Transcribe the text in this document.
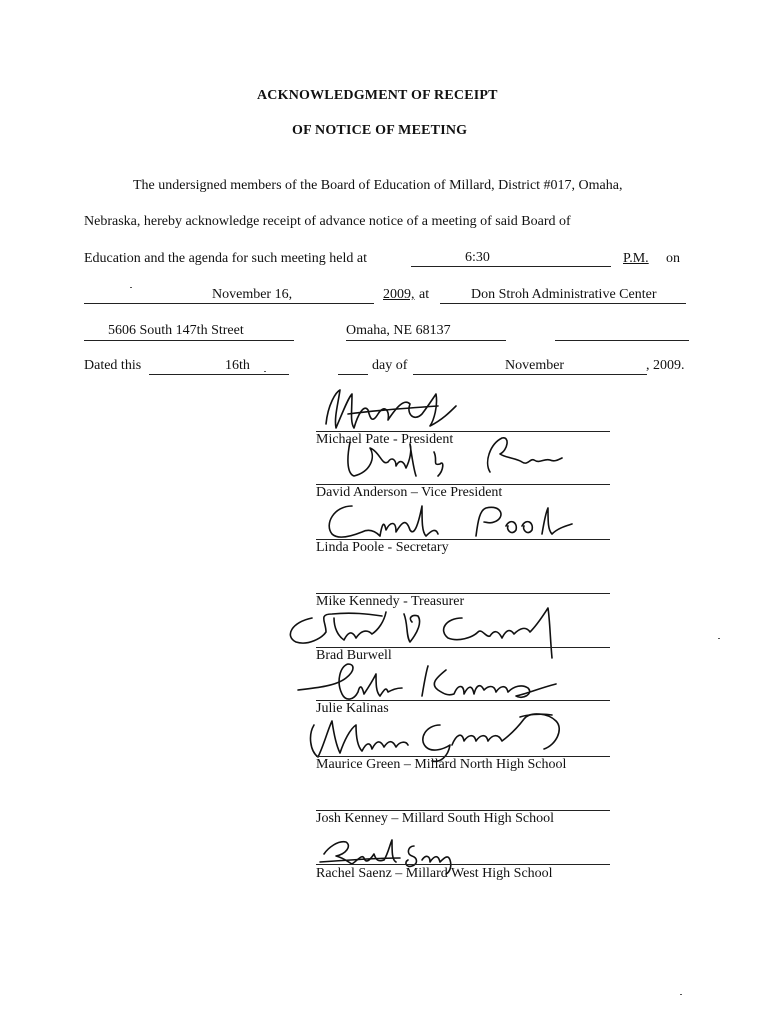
ACKNOWLEDGMENT OF RECEIPT
OF NOTICE OF MEETING
The undersigned members of the Board of Education of Millard, District #017, Omaha,
Nebraska, hereby acknowledge receipt of advance notice of a meeting of said Board of
Education and the agenda for such meeting held at	6:30	P.M. on
November 16,	2009, at	Don Stroh Administrative Center
5606 South 147th Street	Omaha, NE 68137
Dated this	16th	day of	November	, 2009.
Michael Pate - President
David Anderson – Vice President
Linda Poole - Secretary
Mike Kennedy - Treasurer
Brad Burwell
Julie Kalinas
Maurice Green – Millard North High School
Josh Kenney – Millard South High School
Rachel Saenz – Millard West High School
